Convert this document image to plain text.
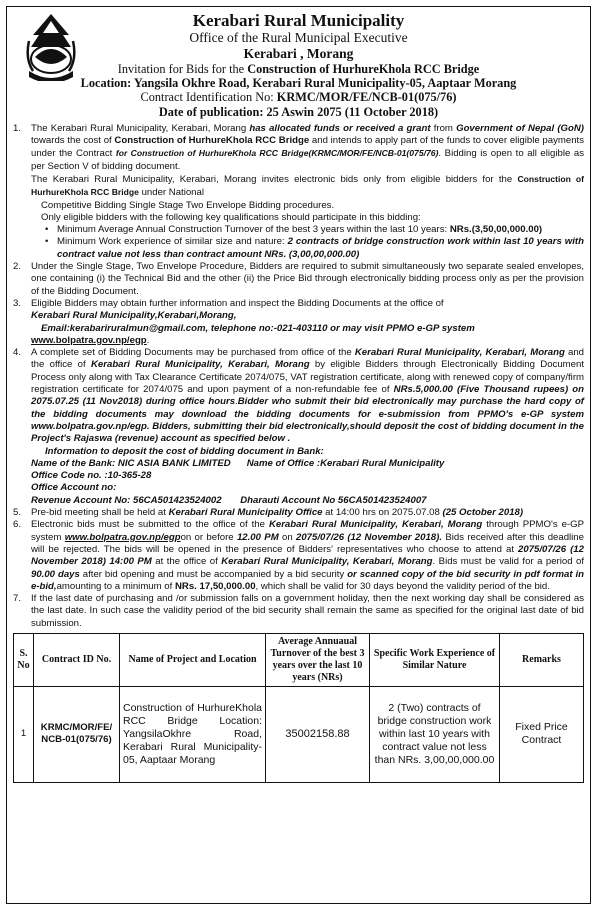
Kerabari Rural Municipality
Office of the Rural Municipal Executive
Kerabari , Morang
Invitation for Bids for the Construction of HurhureKhola RCC Bridge
Location: Yangsila Okhre Road, Kerabari Rural Municipality-05, Aaptaar Morang
Contract Identification No: KRMC/MOR/FE/NCB-01(075/76)
Date of publication: 25 Aswin 2075 (11 October 2018)
1. The Kerabari Rural Municipality, Kerabari, Morang has allocated funds or received a grant from Government of Nepal (GoN) towards the cost of Construction of HurhureKhola RCC Bridge and intends to apply part of the funds to cover eligible payments under the Contract for Construction of HurhureKhola RCC Bridge(KRMC/MOR/FE/NCB-01(075/76). Bidding is open to all eligible as per Section V of bidding document.
The Kerabari Rural Municipality, Kerabari, Morang invites electronic bids only from eligible bidders for the Construction of HurhureKhola RCC Bridge under National
Competitive Bidding Single Stage Two Envelope Bidding procedures.
Only eligible bidders with the following key qualifications should participate in this bidding:
• Minimum Average Annual Construction Turnover of the best 3 years within the last 10 years: NRs.(3,50,00,000.00)
• Minimum Work experience of similar size and nature: 2 contracts of bridge construction work within last 10 years with contract value not less than contract amount NRs. (3,00,00,000.00)
2. Under the Single Stage, Two Envelope Procedure, Bidders are required to submit simultaneously two separate sealed envelopes, one containing (i) the Technical Bid and the other (ii) the Price Bid through electronically bidding process only as per the provision of the Bidding Document.
3. Eligible Bidders may obtain further information and inspect the Bidding Documents at the office of
Kerabari Rural Municipality,Kerabari,Morang,
Email:kerabariruralmun@gmail.com, telephone no:-021-403110 or may visit PPMO e-GP system
www.bolpatra.gov.np/egp.
4. A complete set of Bidding Documents may be purchased from office of the Kerabari Rural Municipality, Kerabari, Morang and the office of Kerabari Rural Municipality, Kerabari, Morang by eligible Bidders through Electronically Bidding Document Process only along with Tax Clearance Certificate 2074/075, VAT registration certificate, along with renewed copy of company/firm registration certificate for 2074/075 and upon payment of a non-refundable fee of NRs.5,000.00 (Five Thousand rupees) on 2075.07.25 (11 Nov2018) during office hours.Bidder who submit their bid electronically may purchase the hard copy of the bidding documents may download the bidding documents for e-submission from PPMO's e-GP system www.bolpatra.gov.np/egp. Bidders, submitting their bid electronically,should deposit the cost of bidding document in the Project's Rajaswa (revenue) account as specified below .
Information to deposit the cost of bidding document in Bank:
Name of the Bank: NIC ASIA BANK LIMITED Name of Office :Kerabari Rural Municipality
Office Code no. :10-365-28
Office Account no:
Revenue Account No: 56CA501423524002 Dharauti Account No 56CA501423524007
5. Pre-bid meeting shall be held at Kerabari Rural Municipality Office at 14:00 hrs on 2075.07.08 (25 October 2018)
6. Electronic bids must be submitted to the office of the Kerabari Rural Municipality, Kerabari, Morang through PPMO's e-GP system www.bolpatra.gov.np/egpon or before 12.00 PM on 2075/07/26 (12 November 2018). Bids received after this deadline will be rejected. The bids will be opened in the presence of Bidders' representatives who choose to attend at 2075/07/26 (12 November 2018) 14:00 PM at the office of Kerabari Rural Municipality, Kerabari, Morang. Bids must be valid for a period of 90.00 days after bid opening and must be accompanied by a bid security or scanned copy of the bid security in pdf format in e-bid,amounting to a minimum of NRs. 17,50,000.00, which shall be valid for 30 days beyond the validity period of the bid.
7. If the last date of purchasing and /or submission falls on a government holiday, then the next working day shall be considered as the last date. In such case the validity period of the bid security shall remain the same as specified for the original last date of bid submission.
S. No	Contract ID No.	Name of Project and Location	Average Annuaual Turnover of the best 3 years over the last 10 years (NRs)	Specific Work Experience of Similar Nature	Remarks
1	KRMC/MOR/FE/ NCB-01(075/76)	Construction of HurhureKhola RCC Bridge Location: YangsilaOkhre Road, Kerabari Rural Municipality-05, Aaptaar Morang	35002158.88	2 (Two) contracts of bridge construction work within last 10 years with contract value not less than NRs. 3,00,00,000.00	Fixed Price Contract
